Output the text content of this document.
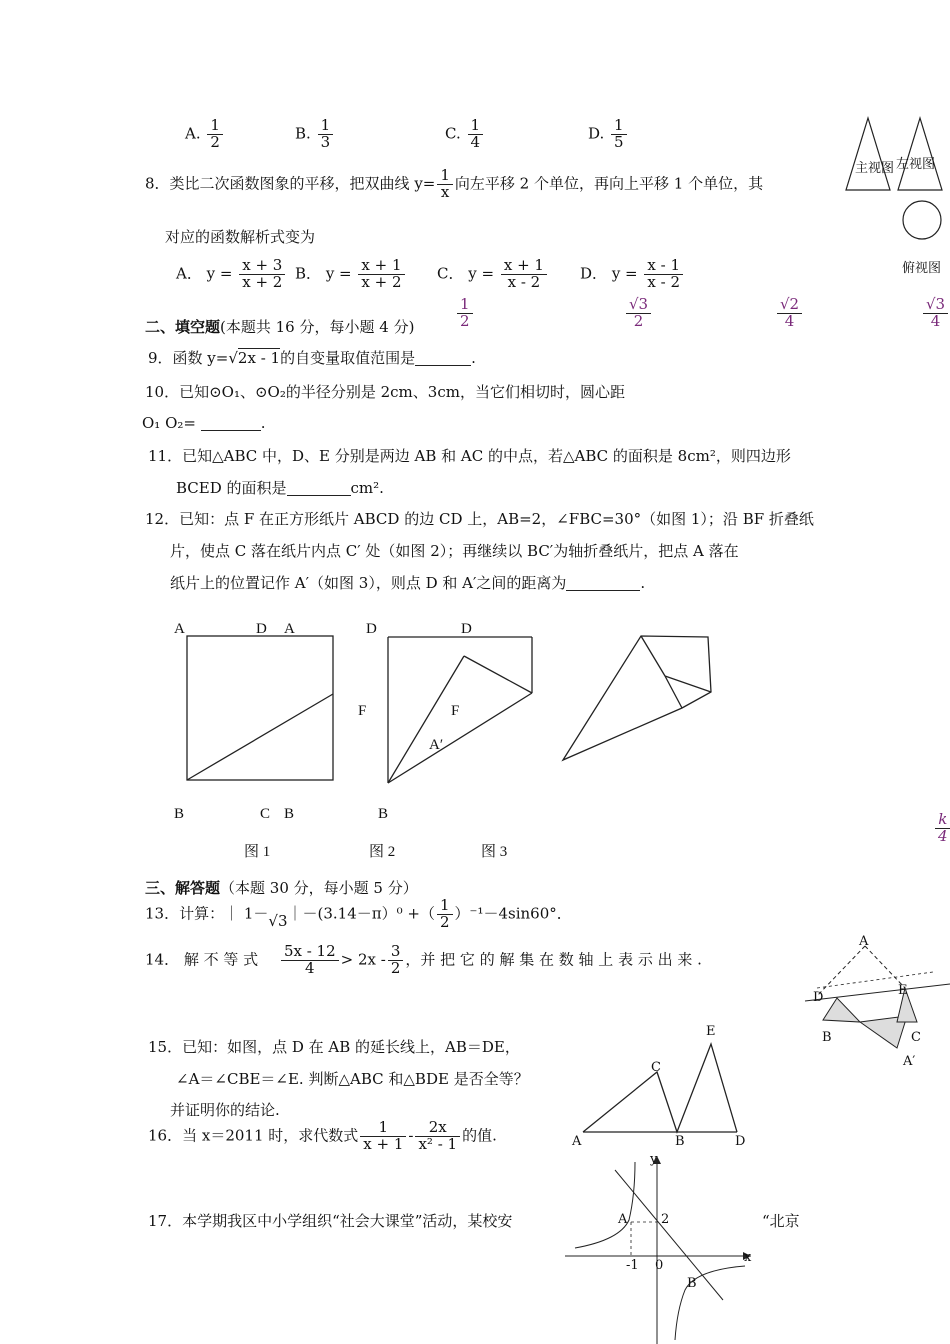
A. $\frac{1}{2}$	B. $\frac{1}{3}$	C. $\frac{1}{4}$	D. $\frac{1}{5}$
主视图 左视图
俯视图
8．类比二次函数图象的平移，把双曲线 $y= \frac{1}{x}$ 向左平移 2 个单位，再向上平移 1 个单位，其
对应的函数解析式变为
A． $y = \frac{x + 3}{x + 2}$ B． $y = \frac{x + 1}{x + 2}$ C． $y = \frac{x + 1}{x - 2}$ D． $y = \frac{x - 1}{x - 2}$
二、填空题(本题共 16 分，每小题 4 分)	$\frac{1}{2}$	$\frac{√3}{2}$	$\frac{√2}{4}$	$\frac{√3}{4}$
9．函数 y=√2x - 1的自变量取值范围是	.
10．已知⊙O₁、⊙O₂的半径分别是 2cm、3cm，当它们相切时，圆心距
O₁ O₂=	.
11．已知△ABC 中，D、E 分别是两边 AB 和 AC 的中点，若△ABC 的面积是 8cm²，则四边形
BCED 的面积是	cm².
12．已知：点 F 在正方形纸片 ABCD 的边 CD 上，AB=2，∠FBC=30°（如图 1）；沿 BF 折叠纸
片，使点 C 落在纸片内点 C′ 处（如图 2）；再继续以 BC′为轴折叠纸片，把点 A 落在
纸片上的位置记作 A′（如图 3），则点 D 和 A′之间的距离为	.
A	D A	D	D
F	F
A′
B	C B	B
图 1	图 2	图 3
$\frac{k}{4}$
三、解答题（本题 30 分，每小题 5 分）
13．计算：｜ 1－√3｜－(3.14－π）⁰ +（ $\frac{1}{2} )^{-1}-4\sin 60^\circ$．
14． 解 不 等 式 $\frac{5x - 12}{4} > 2x - \frac{3}{2}$ ，并 把 它 的 解 集 在 数 轴 上 表 示 出 来 .
A
D	E
B	C
A′
15．已知：如图，点 D 在 AB 的延长线上，AB＝DE，
∠A＝∠CBE＝∠E. 判断△ABC 和△BDE 是否全等？
并证明你的结论.
A	B
C
D
E
16．当 x＝2011 时，求代数式 $\frac{1}{x + 1} - \frac{2x}{\text{x² - 1}}$ 的值.
17．本学期我区中小学组织“社会大课堂”活动，某校安	“北京
y
x
A
B
2
-1 0
